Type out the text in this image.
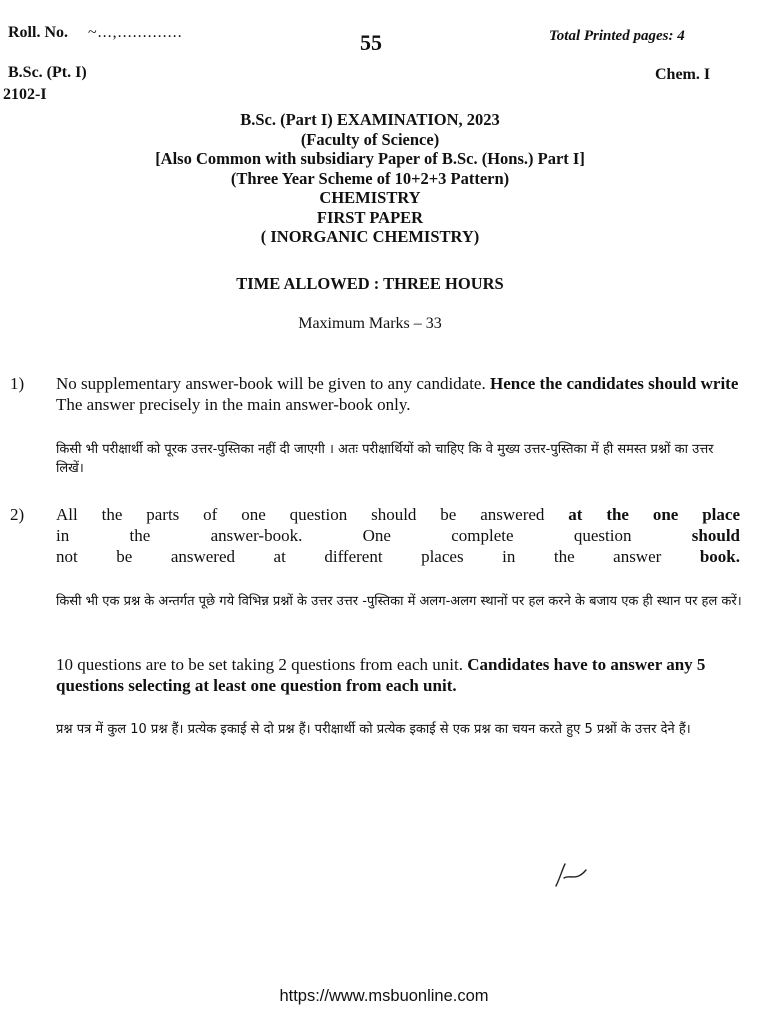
Roll. No. ~...,.............	55	Total Printed pages: 4
B.Sc. (Pt. I)
2102-I
Chem. I
B.Sc. (Part I) EXAMINATION, 2023
(Faculty of Science)
[Also Common with subsidiary Paper of B.Sc. (Hons.) Part I]
(Three Year Scheme of 10+2+3 Pattern)
CHEMISTRY
FIRST PAPER
( INORGANIC CHEMISTRY)
TIME ALLOWED : THREE HOURS
Maximum Marks – 33
1) No supplementary answer-book will be given to any candidate. Hence the candidates should write The answer precisely in the main answer-book only.
किसी भी परीक्षार्थी को पूरक उत्तर-पुस्तिका नहीं दी जाएगी । अतः परीक्षार्थियों को चाहिए कि वे मुख्य उत्तर-पुस्तिका में ही समस्त प्रश्नों का उत्तर लिखें।
2) All the parts of one question should be answered at the one place
in the answer-book. One complete question	should
not be answered at different places in the answer book.
किसी भी एक प्रश्न के अन्तर्गत पूछे गये विभिन्न प्रश्नों के उत्तर उत्तर -पुस्तिका में अलग-अलग स्थानों पर हल करने के बजाय एक ही स्थान पर हल करें।
10 questions are to be set taking 2 questions from each unit. Candidates have to answer any 5 questions selecting at least one question from each unit.
प्रश्न पत्र में कुल 10 प्रश्न हैं। प्रत्येक इकाई से दो प्रश्न हैं। परीक्षार्थी को प्रत्येक इकाई से एक प्रश्न का चयन करते हुए 5 प्रश्नों के उत्तर देने हैं।
https://www.msbuonline.com
